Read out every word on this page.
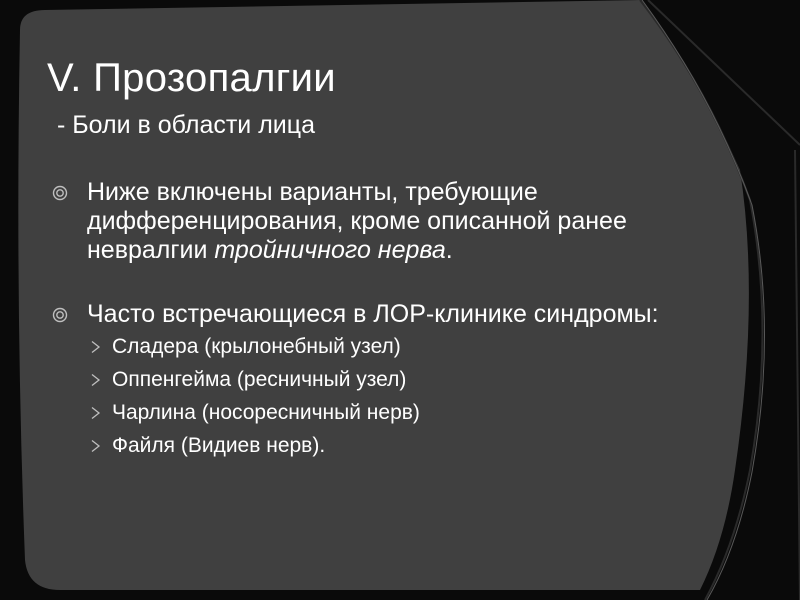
V. Прозопалгии
- Боли в области лица
Ниже включены варианты, требующие дифференцирования, кроме описанной ранее невралгии тройничного нерва.
Часто встречающиеся в ЛОР-клинике синдромы:
Сладера (крылонебный узел)
Оппенгейма (ресничный узел)
Чарлина (носоресничный нерв)
Файля (Видиев нерв).
